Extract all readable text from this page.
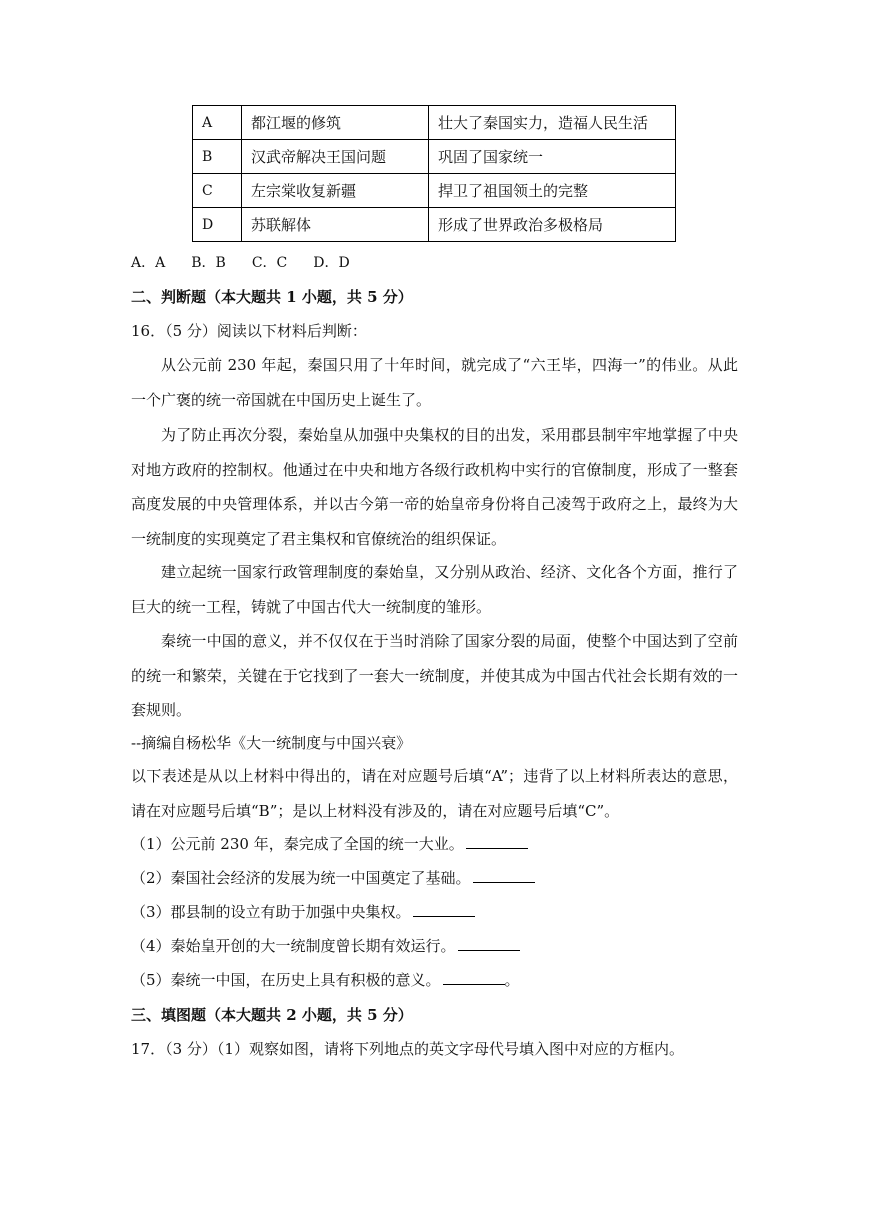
A	都江堰的修筑	壮大了秦国实力，造福人民生活
B	汉武帝解决王国问题	巩固了国家统一
C	左宗棠收复新疆	捍卫了祖国领土的完整
D	苏联解体	形成了世界政治多极格局
A．A B．B C．C D．D
二、判断题（本大题共 1 小题，共 5 分）
16．（5 分）阅读以下材料后判断：
从公元前 230 年起，秦国只用了十年时间，就完成了“六王毕，四海一”的伟业。从此一个广褒的统一帝国就在中国历史上诞生了。
为了防止再次分裂，秦始皇从加强中央集权的目的出发，采用郡县制牢牢地掌握了中央对地方政府的控制权。他通过在中央和地方各级行政机构中实行的官僚制度，形成了一整套高度发展的中央管理体系，并以古今第一帝的始皇帝身份将自己凌驾于政府之上，最终为大一统制度的实现奠定了君主集权和官僚统治的组织保证。
建立起统一国家行政管理制度的秦始皇，又分别从政治、经济、文化各个方面，推行了巨大的统一工程，铸就了中国古代大一统制度的雏形。
秦统一中国的意义，并不仅仅在于当时消除了国家分裂的局面，使整个中国达到了空前的统一和繁荣，关键在于它找到了一套大一统制度，并使其成为中国古代社会长期有效的一套规则。
--摘编自杨松华《大一统制度与中国兴衰》
以下表述是从以上材料中得出的，请在对应题号后填“A”；违背了以上材料所表达的意思，请在对应题号后填“B”；是以上材料没有涉及的，请在对应题号后填“C”。
（1）公元前 230 年，秦完成了全国的统一大业。
（2）秦国社会经济的发展为统一中国奠定了基础。
（3）郡县制的设立有助于加强中央集权。
（4）秦始皇开创的大一统制度曾长期有效运行。
（5）秦统一中国，在历史上具有积极的意义。	。
三、填图题（本大题共 2 小题，共 5 分）
17．（3 分）（1）观察如图，请将下列地点的英文字母代号填入图中对应的方框内。
